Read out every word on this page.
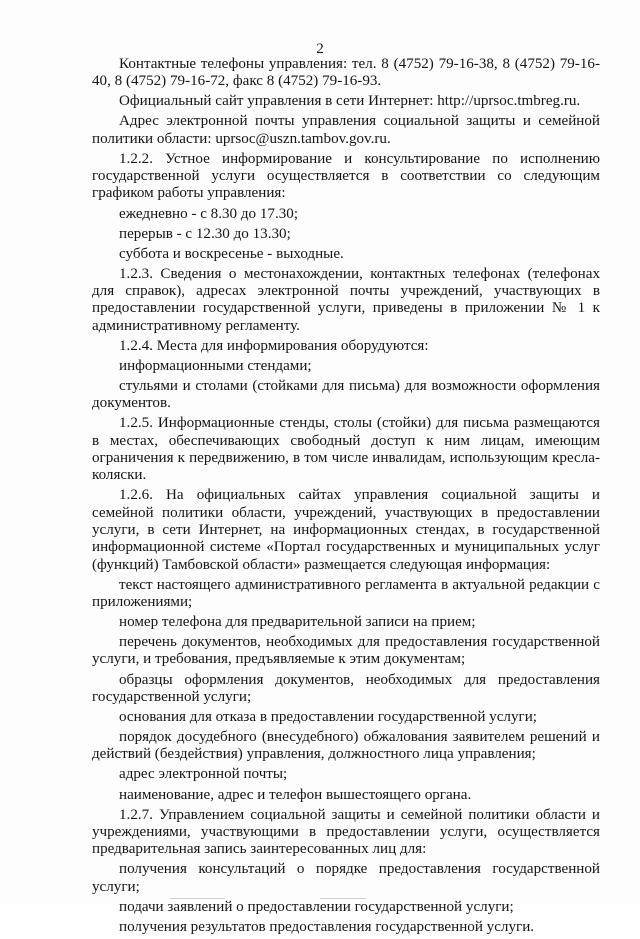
2

Контактные телефоны управления: тел. 8 (4752) 79-16-38, 8 (4752) 79-16-40, 8 (4752) 79-16-72, факс 8 (4752) 79-16-93.

Официальный сайт управления в сети Интернет: http://uprsoc.tmbreg.ru.

Адрес электронной почты управления социальной защиты и семейной политики области: uprsoc@uszn.tambov.gov.ru.

1.2.2. Устное информирование и консультирование по исполнению государственной услуги осуществляется в соответствии со следующим графиком работы управления:

ежедневно - с 8.30 до 17.30;

перерыв - с 12.30 до 13.30;

суббота и воскресенье - выходные.

1.2.3. Сведения о местонахождении, контактных телефонах (телефонах для справок), адресах электронной почты учреждений, участвующих в предоставлении государственной услуги, приведены в приложении № 1 к административному регламенту.

1.2.4. Места для информирования оборудуются:

информационными стендами;

стульями и столами (стойками для письма) для возможности оформления документов.

1.2.5. Информационные стенды, столы (стойки) для письма размещаются в местах, обеспечивающих свободный доступ к ним лицам, имеющим ограничения к передвижению, в том числе инвалидам, использующим кресла-коляски.

1.2.6. На официальных сайтах управления социальной защиты и семейной политики области, учреждений, участвующих в предоставлении услуги, в сети Интернет, на информационных стендах, в государственной информационной системе «Портал государственных и муниципальных услуг (функций) Тамбовской области» размещается следующая информация:

текст настоящего административного регламента в актуальной редакции с приложениями;

номер телефона для предварительной записи на прием;

перечень документов, необходимых для предоставления государственной услуги, и требования, предъявляемые к этим документам;

образцы оформления документов, необходимых для предоставления государственной услуги;

основания для отказа в предоставлении государственной услуги;

порядок досудебного (внесудебного) обжалования заявителем решений и действий (бездействия) управления, должностного лица управления;

адрес электронной почты;

наименование, адрес и телефон вышестоящего органа.

1.2.7. Управлением социальной защиты и семейной политики области и учреждениями, участвующими в предоставлении услуги, осуществляется предварительная запись заинтересованных лиц для:

получения консультаций о порядке предоставления государственной услуги;

подачи заявлений о предоставлении государственной услуги;

получения результатов предоставления государственной услуги.
